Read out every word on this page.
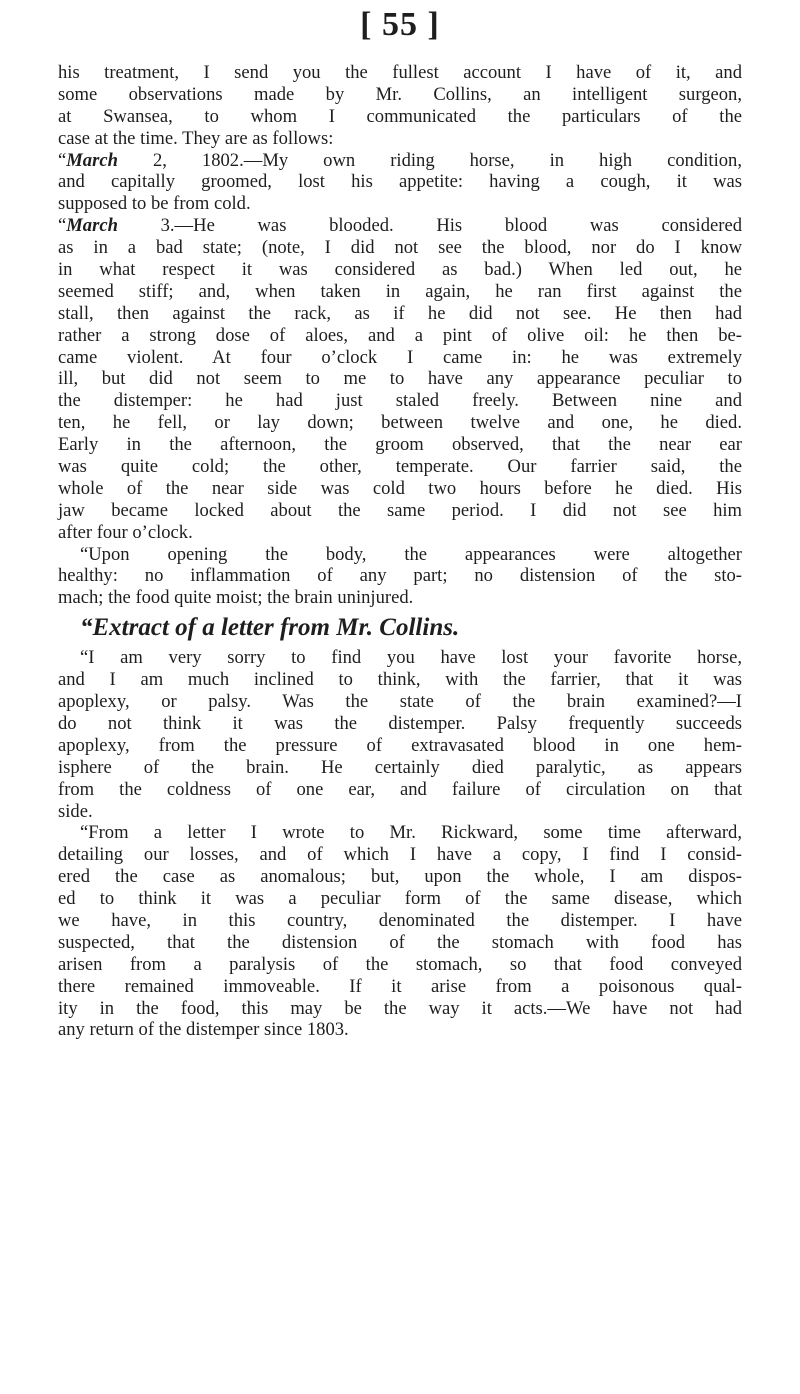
[ 55 ]
his treatment, I send you the fullest account I have of it, and
some observations made by Mr. Collins, an intelligent surgeon,
at Swansea, to whom I communicated the particulars of the
case at the time. They are as follows:
“March 2, 1802.—My own riding horse, in high condition,
and capitally groomed, lost his appetite: having a cough, it was
supposed to be from cold.
“March 3.—He was blooded. His blood was considered
as in a bad state; (note, I did not see the blood, nor do I know
in what respect it was considered as bad.) When led out, he
seemed stiff; and, when taken in again, he ran first against the
stall, then against the rack, as if he did not see. He then had
rather a strong dose of aloes, and a pint of olive oil: he then be-
came violent. At four o’clock I came in: he was extremely
ill, but did not seem to me to have any appearance peculiar to
the distemper: he had just staled freely. Between nine and
ten, he fell, or lay down; between twelve and one, he died.
Early in the afternoon, the groom observed, that the near ear
was quite cold; the other, temperate. Our farrier said, the
whole of the near side was cold two hours before he died. His
jaw became locked about the same period. I did not see him
after four o’clock.
“Upon opening the body, the appearances were altogether
healthy: no inflammation of any part; no distension of the sto-
mach; the food quite moist; the brain uninjured.
“Extract of a letter from Mr. Collins.
“I am very sorry to find you have lost your favorite horse,
and I am much inclined to think, with the farrier, that it was
apoplexy, or palsy. Was the state of the brain examined?—I
do not think it was the distemper. Palsy frequently succeeds
apoplexy, from the pressure of extravasated blood in one hem-
isphere of the brain. He certainly died paralytic, as appears
from the coldness of one ear, and failure of circulation on that
side.
“From a letter I wrote to Mr. Rickward, some time afterward,
detailing our losses, and of which I have a copy, I find I consid-
ered the case as anomalous; but, upon the whole, I am dispos-
ed to think it was a peculiar form of the same disease, which
we have, in this country, denominated the distemper. I have
suspected, that the distension of the stomach with food has
arisen from a paralysis of the stomach, so that food conveyed
there remained immoveable. If it arise from a poisonous qual-
ity in the food, this may be the way it acts.—We have not had
any return of the distemper since 1803.
